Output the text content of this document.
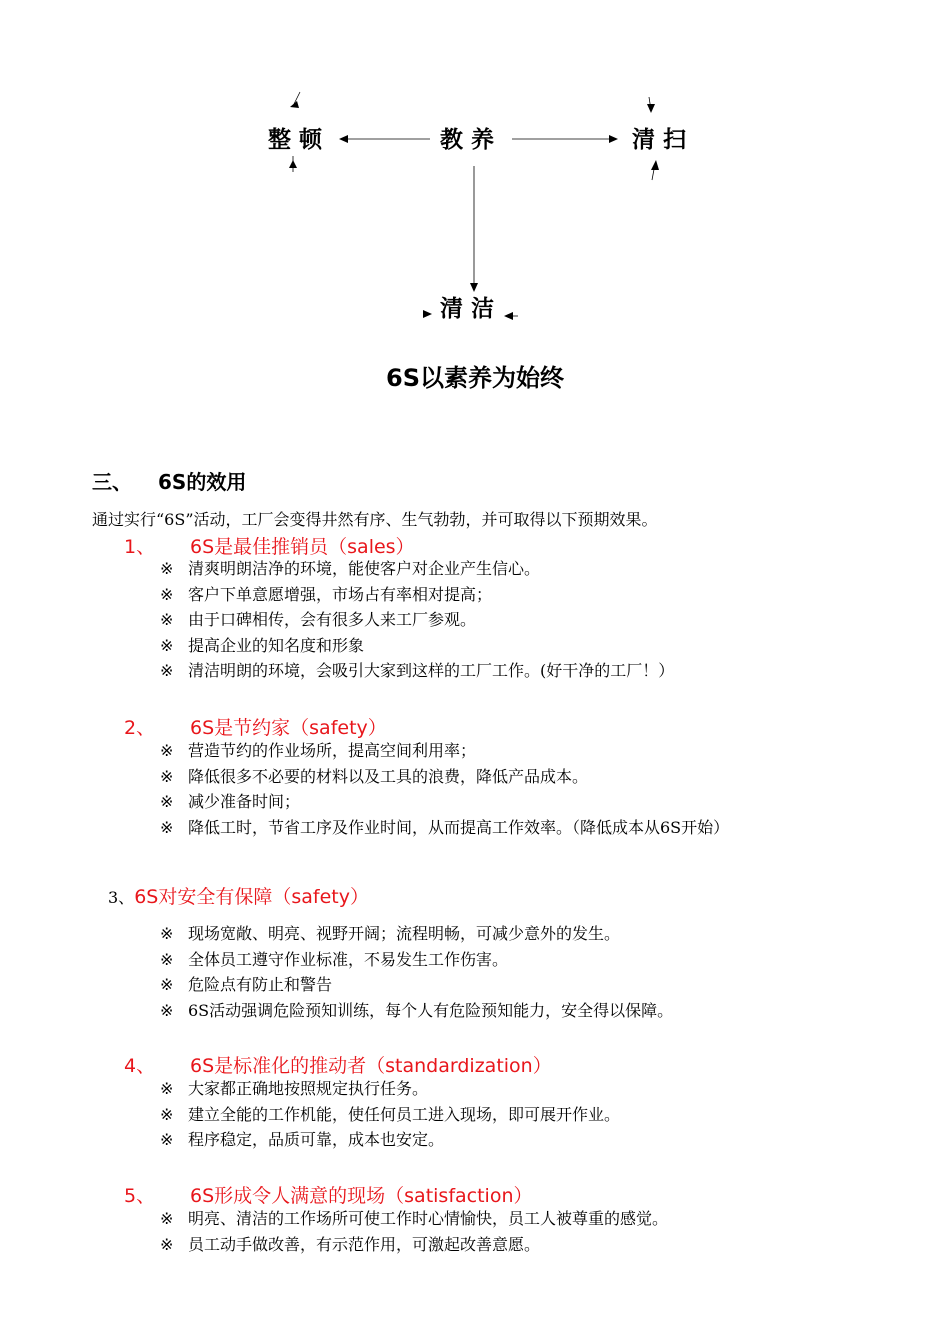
整顿	教养	清扫
清洁
6S以素养为始终
三、 6S的效用
通过实行“6S”活动，工厂会变得井然有序、生气勃勃，并可取得以下预期效果。
1、 6S是最佳推销员（sales）
※ 清爽明朗洁净的环境，能使客户对企业产生信心。
※ 客户下单意愿增强，市场占有率相对提高；
※ 由于口碑相传，会有很多人来工厂参观。
※ 提高企业的知名度和形象
※ 清洁明朗的环境，会吸引大家到这样的工厂工作。(好干净的工厂！）
2、 6S是节约家（safety）
※ 营造节约的作业场所，提高空间利用率；
※ 降低很多不必要的材料以及工具的浪费，降低产品成本。
※ 减少准备时间；
※ 降低工时，节省工序及作业时间，从而提高工作效率。（降低成本从6S开始）
3、6S对安全有保障（safety）
※ 现场宽敞、明亮、视野开阔；流程明畅，可减少意外的发生。
※ 全体员工遵守作业标准，不易发生工作伤害。
※ 危险点有防止和警告
※ 6S活动强调危险预知训练，每个人有危险预知能力，安全得以保障。
4、 6S是标准化的推动者（standardization）
※ 大家都正确地按照规定执行任务。
※ 建立全能的工作机能，使任何员工进入现场，即可展开作业。
※ 程序稳定，品质可靠，成本也安定。
5、 6S形成令人满意的现场（satisfaction）
※ 明亮、清洁的工作场所可使工作时心情愉快，员工人被尊重的感觉。
※ 员工动手做改善，有示范作用，可激起改善意愿。
